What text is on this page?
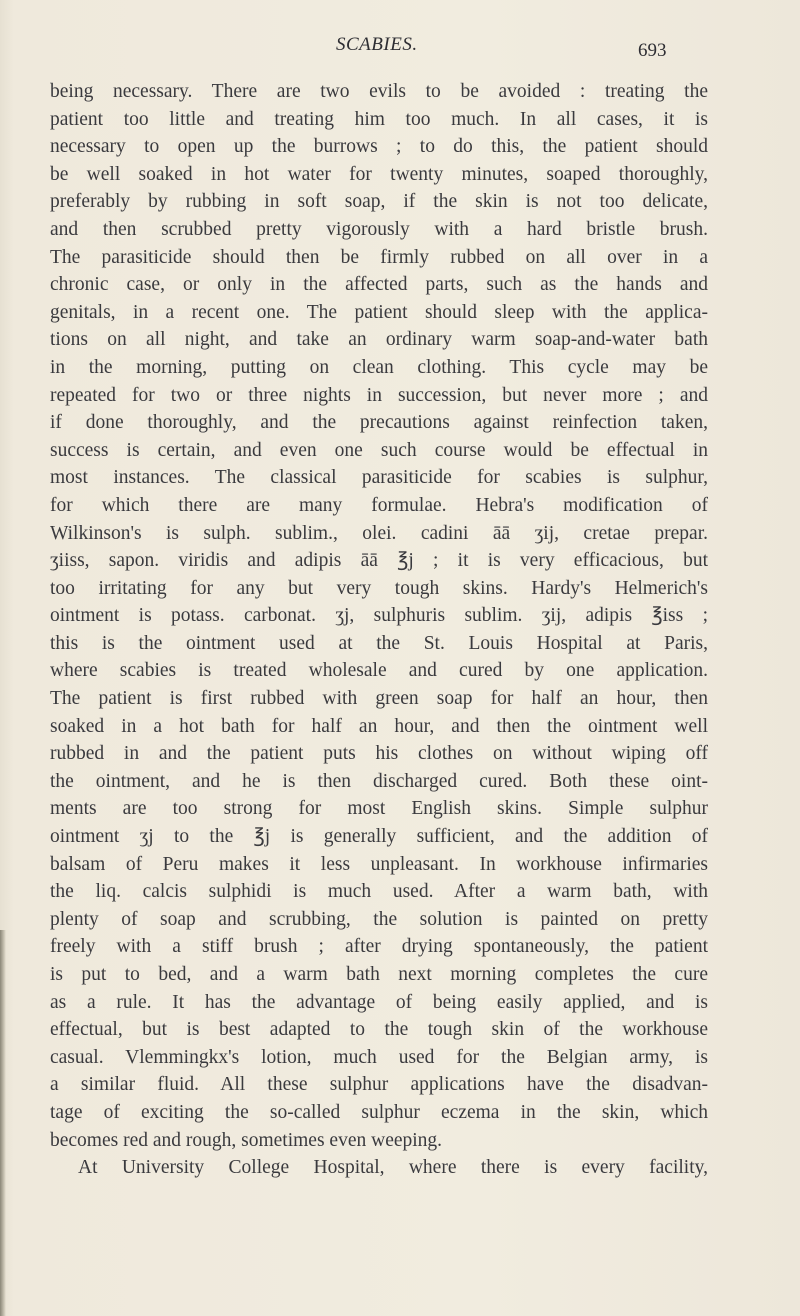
SCABIES.	693
being necessary. There are two evils to be avoided : treating the
patient too little and treating him too much. In all cases, it is
necessary to open up the burrows ; to do this, the patient should
be well soaked in hot water for twenty minutes, soaped thoroughly,
preferably by rubbing in soft soap, if the skin is not too delicate,
and then scrubbed pretty vigorously with a hard bristle brush.
The parasiticide should then be firmly rubbed on all over in a
chronic case, or only in the affected parts, such as the hands and
genitals, in a recent one. The patient should sleep with the applica-
tions on all night, and take an ordinary warm soap-and-water bath
in the morning, putting on clean clothing. This cycle may be
repeated for two or three nights in succession, but never more ; and
if done thoroughly, and the precautions against reinfection taken,
success is certain, and even one such course would be effectual in
most instances. The classical parasiticide for scabies is sulphur,
for which there are many formulae. Hebra's modification of
Wilkinson's is sulph. sublim., olei. cadini āā ʒij, cretae prepar.
ʒiiss, sapon. viridis and adipis āā ℥j ; it is very efficacious, but
too irritating for any but very tough skins. Hardy's Helmerich's
ointment is potass. carbonat. ʒj, sulphuris sublim. ʒij, adipis ℥iss ;
this is the ointment used at the St. Louis Hospital at Paris,
where scabies is treated wholesale and cured by one application.
The patient is first rubbed with green soap for half an hour, then
soaked in a hot bath for half an hour, and then the ointment well
rubbed in and the patient puts his clothes on without wiping off
the ointment, and he is then discharged cured. Both these oint-
ments are too strong for most English skins. Simple sulphur
ointment ʒj to the ℥j is generally sufficient, and the addition of
balsam of Peru makes it less unpleasant. In workhouse infirmaries
the liq. calcis sulphidi is much used. After a warm bath, with
plenty of soap and scrubbing, the solution is painted on pretty
freely with a stiff brush ; after drying spontaneously, the patient
is put to bed, and a warm bath next morning completes the cure
as a rule. It has the advantage of being easily applied, and is
effectual, but is best adapted to the tough skin of the workhouse
casual. Vlemmingkx's lotion, much used for the Belgian army, is
a similar fluid. All these sulphur applications have the disadvan-
tage of exciting the so-called sulphur eczema in the skin, which
becomes red and rough, sometimes even weeping.
At University College Hospital, where there is every facility,
